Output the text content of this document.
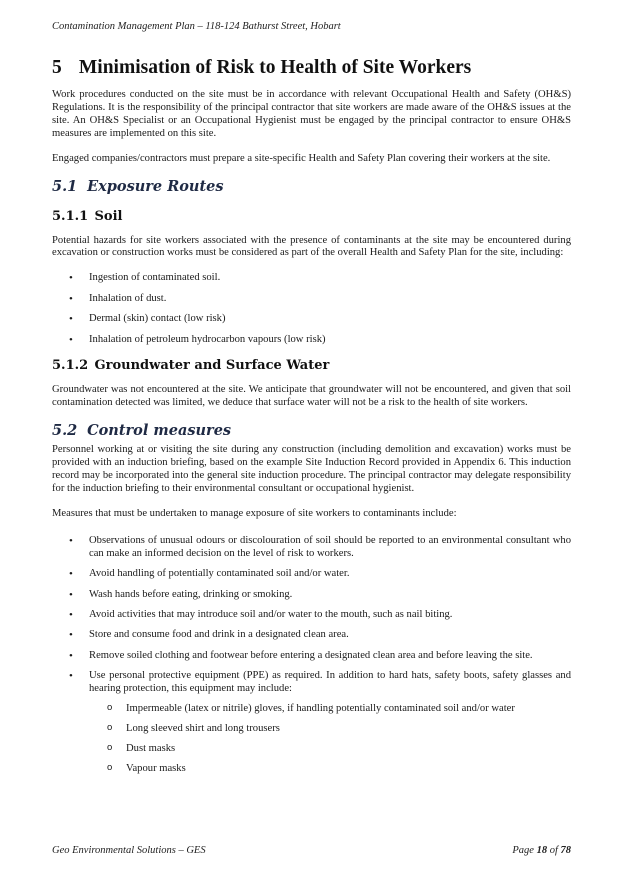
Contamination Management Plan – 118-124 Bathurst Street, Hobart
5 Minimisation of Risk to Health of Site Workers

Work procedures conducted on the site must be in accordance with relevant Occupational Health and Safety (OH&S) Regulations. It is the responsibility of the principal contractor that site workers are made aware of the OH&S issues at the site. An OH&S Specialist or an Occupational Hygienist must be engaged by the principal contractor to ensure OH&S measures are implemented on this site.

Engaged companies/contractors must prepare a site-specific Health and Safety Plan covering their workers at the site.

5.1 Exposure Routes
5.1.1 Soil

Potential hazards for site workers associated with the presence of contaminants at the site may be encountered during excavation or construction works must be considered as part of the overall Health and Safety Plan for the site, including:

• Ingestion of contaminated soil.
• Inhalation of dust.
• Dermal (skin) contact (low risk)
• Inhalation of petroleum hydrocarbon vapours (low risk)
5.1.2 Groundwater and Surface Water

Groundwater was not encountered at the site. We anticipate that groundwater will not be encountered, and given that soil contamination detected was limited, we deduce that surface water will not be a risk to the health of site workers.

5.2 Control measures

Personnel working at or visiting the site during any construction (including demolition and excavation) works must be provided with an induction briefing, based on the example Site Induction Record provided in Appendix 6. This induction record may be incorporated into the general site induction procedure. The principal contractor may delegate responsibility for the induction briefing to their environmental consultant or occupational hygienist.

Measures that must be undertaken to manage exposure of site workers to contaminants include:

• Observations of unusual odours or discolouration of soil should be reported to an environmental consultant who can make an informed decision on the level of risk to workers.
• Avoid handling of potentially contaminated soil and/or water.
• Wash hands before eating, drinking or smoking.
• Avoid activities that may introduce soil and/or water to the mouth, such as nail biting.
• Store and consume food and drink in a designated clean area.
• Remove soiled clothing and footwear before entering a designated clean area and before leaving the site.
• Use personal protective equipment (PPE) as required. In addition to hard hats, safety boots, safety glasses and hearing protection, this equipment may include:
o Impermeable (latex or nitrile) gloves, if handling potentially contaminated soil and/or water
o Long sleeved shirt and long trousers
o Dust masks
o Vapour masks
Geo Environmental Solutions – GES	Page 18 of 78
